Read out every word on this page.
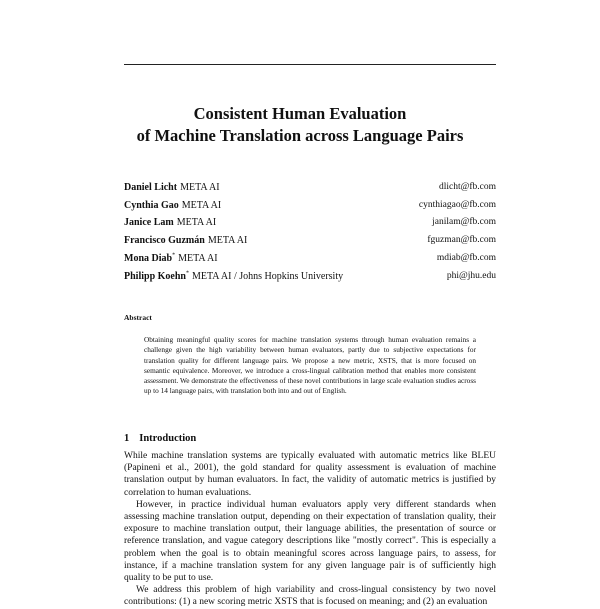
Consistent Human Evaluation
of Machine Translation across Language Pairs
Daniel Licht META AI	dlicht@fb.com
Cynthia Gao META AI	cynthiagao@fb.com
Janice Lam META AI	janilam@fb.com
Francisco Guzmán META AI	fguzman@fb.com
Mona Diab* META AI	mdiab@fb.com
Philipp Koehn* META AI / Johns Hopkins University	phi@jhu.edu
Abstract
Obtaining meaningful quality scores for machine translation systems through human evaluation remains a challenge given the high variability between human evaluators, partly due to subjective expectations for translation quality for different language pairs. We propose a new metric, XSTS, that is more focused on semantic equivalence. Moreover, we introduce a cross-lingual calibration method that enables more consistent assessment. We demonstrate the effectiveness of these novel contributions in large scale evaluation studies across up to 14 language pairs, with translation both into and out of English.
1 Introduction

While machine translation systems are typically evaluated with automatic metrics like BLEU (Papineni et al., 2001), the gold standard for quality assessment is evaluation of machine translation output by human evaluators. In fact, the validity of automatic metrics is justified by correlation to human evaluations.

However, in practice individual human evaluators apply very different standards when assessing machine translation output, depending on their expectation of translation quality, their exposure to machine translation output, their language abilities, the presentation of source or reference translation, and vague category descriptions like "mostly correct". This is especially a problem when the goal is to obtain meaningful scores across language pairs, to assess, for instance, if a machine translation system for any given language pair is of sufficiently high quality to be put to use.

We address this problem of high variability and cross-lingual consistency by two novel contributions: (1) a new scoring metric XSTS that is focused on meaning; and (2) an evaluation
